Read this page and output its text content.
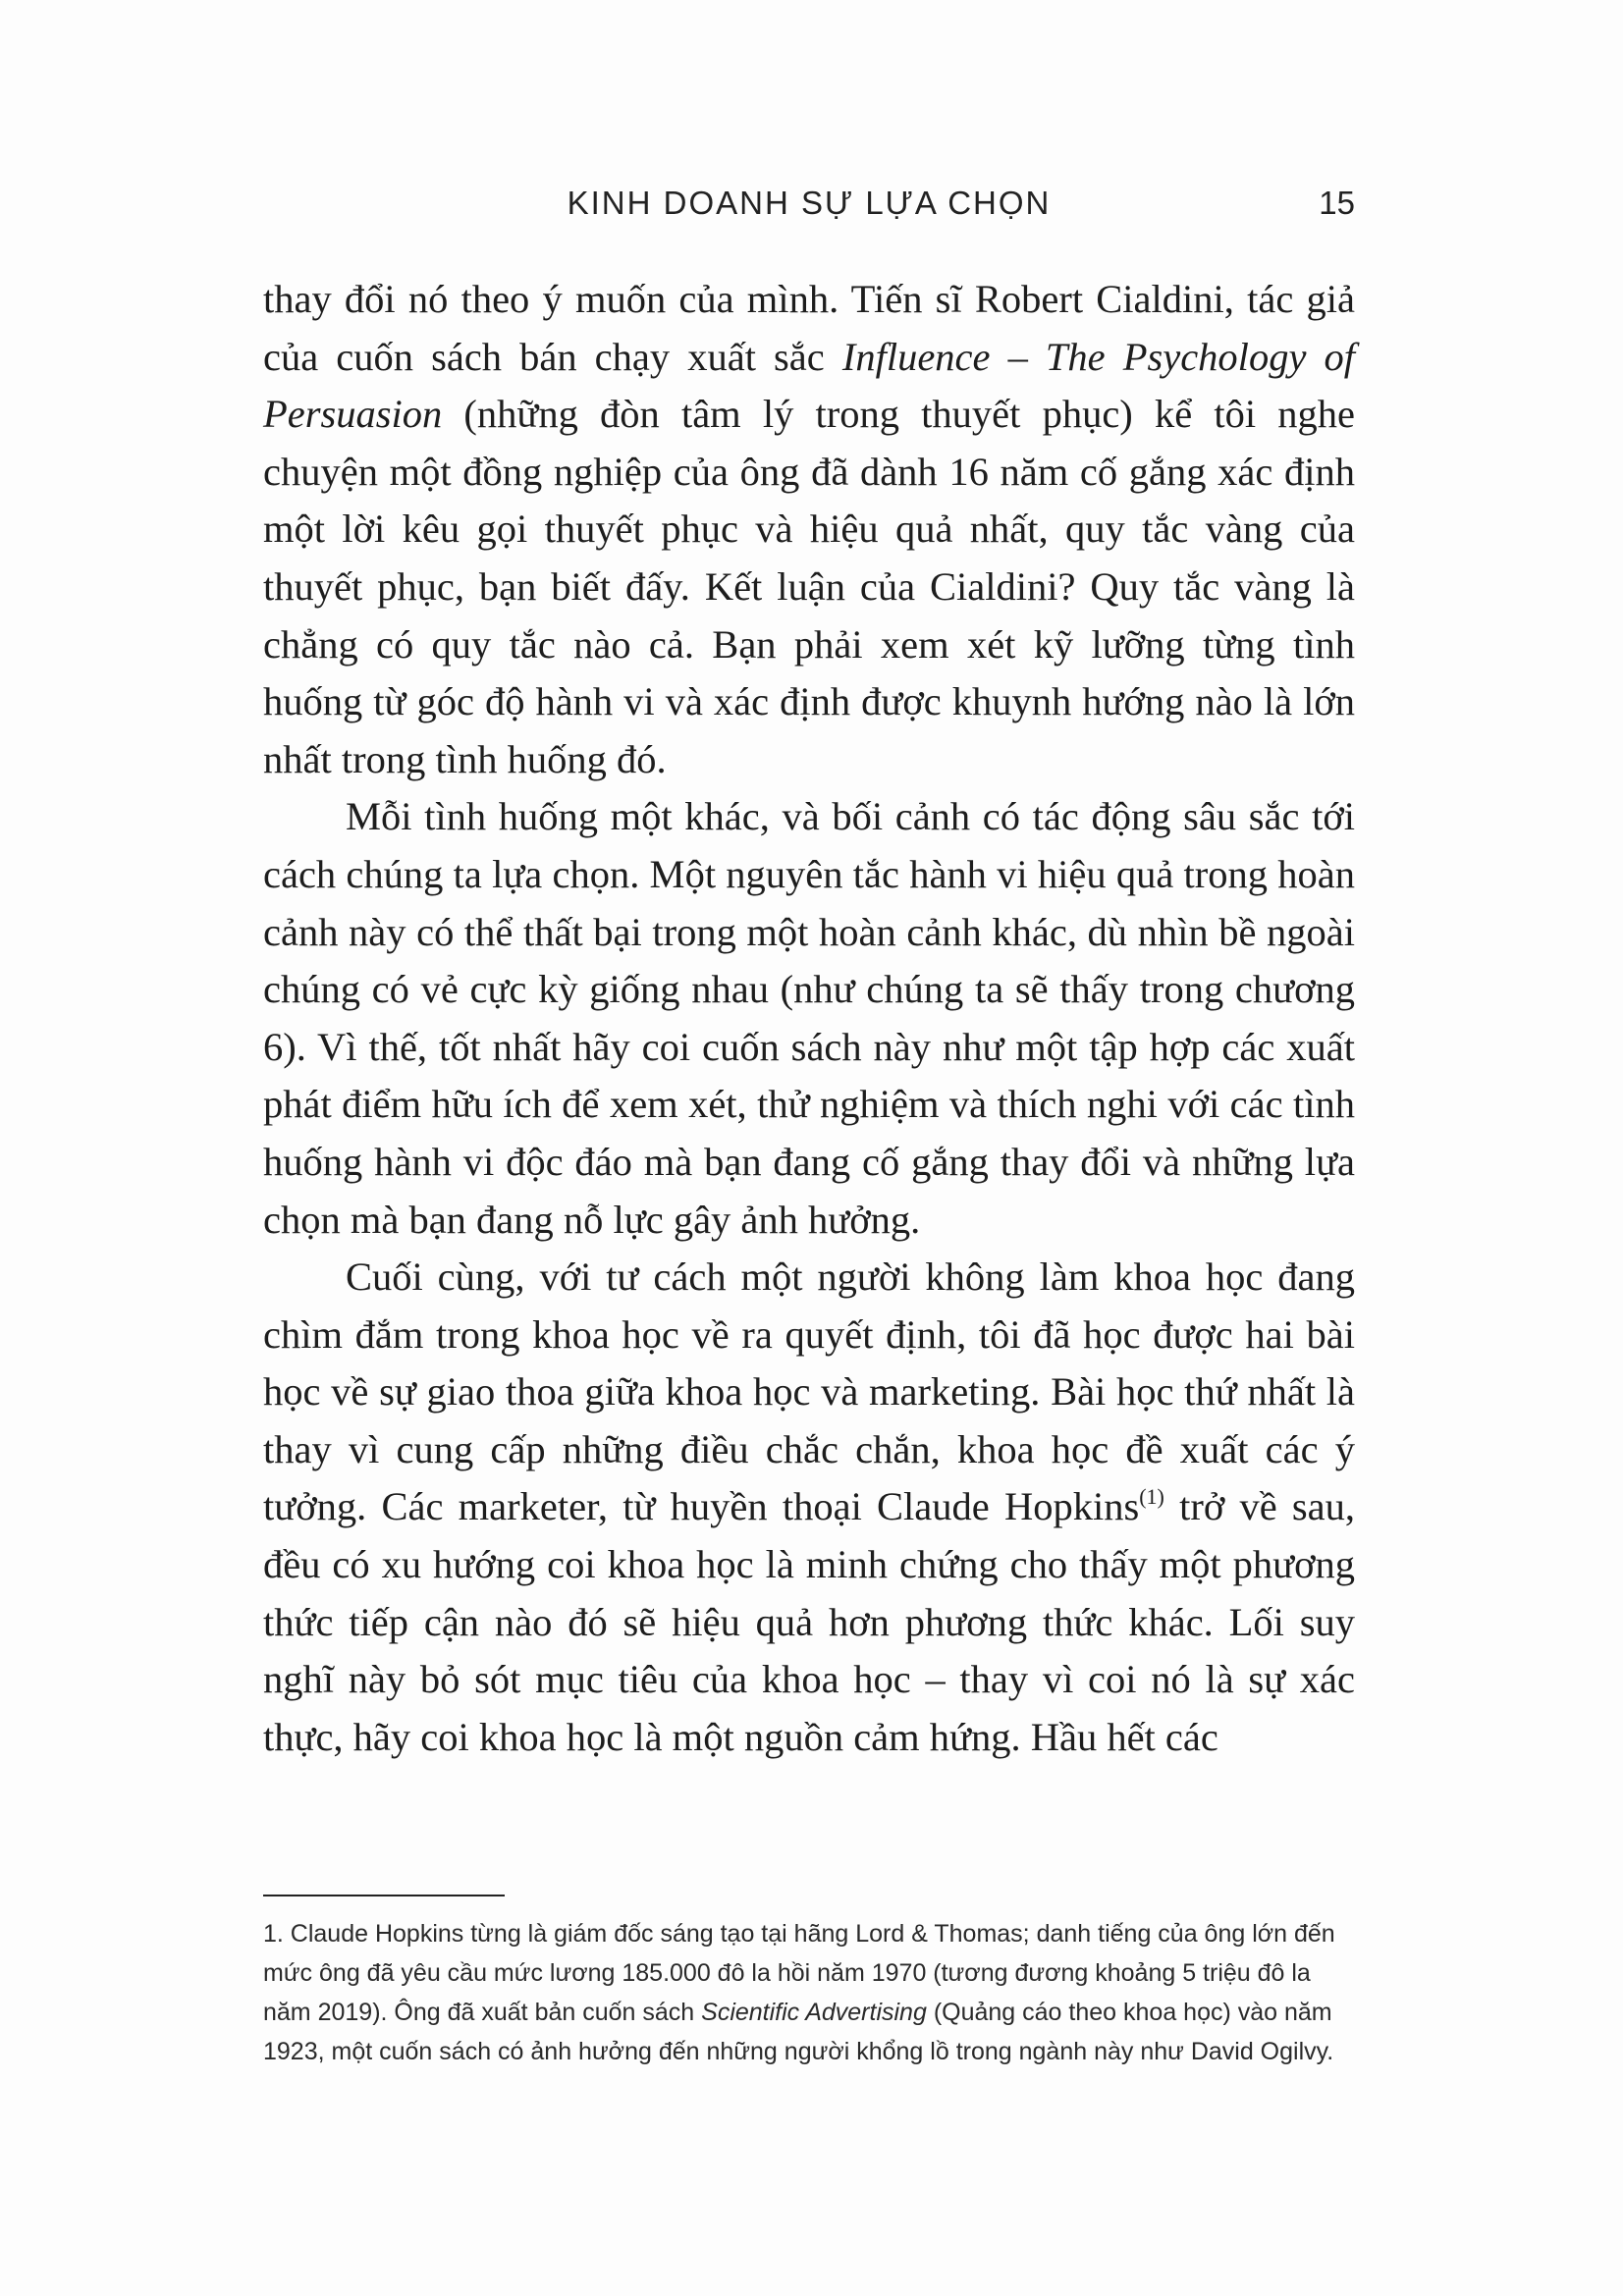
KINH DOANH SỰ LỰA CHỌN	15

thay đổi nó theo ý muốn của mình. Tiến sĩ Robert Cialdini, tác giả của cuốn sách bán chạy xuất sắc Influence – The Psychology of Persuasion (những đòn tâm lý trong thuyết phục) kể tôi nghe chuyện một đồng nghiệp của ông đã dành 16 năm cố gắng xác định một lời kêu gọi thuyết phục và hiệu quả nhất, quy tắc vàng của thuyết phục, bạn biết đấy. Kết luận của Cialdini? Quy tắc vàng là chẳng có quy tắc nào cả. Bạn phải xem xét kỹ lưỡng từng tình huống từ góc độ hành vi và xác định được khuynh hướng nào là lớn nhất trong tình huống đó.

Mỗi tình huống một khác, và bối cảnh có tác động sâu sắc tới cách chúng ta lựa chọn. Một nguyên tắc hành vi hiệu quả trong hoàn cảnh này có thể thất bại trong một hoàn cảnh khác, dù nhìn bề ngoài chúng có vẻ cực kỳ giống nhau (như chúng ta sẽ thấy trong chương 6). Vì thế, tốt nhất hãy coi cuốn sách này như một tập hợp các xuất phát điểm hữu ích để xem xét, thử nghiệm và thích nghi với các tình huống hành vi độc đáo mà bạn đang cố gắng thay đổi và những lựa chọn mà bạn đang nỗ lực gây ảnh hưởng.

Cuối cùng, với tư cách một người không làm khoa học đang chìm đắm trong khoa học về ra quyết định, tôi đã học được hai bài học về sự giao thoa giữa khoa học và marketing. Bài học thứ nhất là thay vì cung cấp những điều chắc chắn, khoa học đề xuất các ý tưởng. Các marketer, từ huyền thoại Claude Hopkins$^{(1)}$ trở về sau, đều có xu hướng coi khoa học là minh chứng cho thấy một phương thức tiếp cận nào đó sẽ hiệu quả hơn phương thức khác. Lối suy nghĩ này bỏ sót mục tiêu của khoa học – thay vì coi nó là sự xác thực, hãy coi khoa học là một nguồn cảm hứng. Hầu hết các

1. Claude Hopkins từng là giám đốc sáng tạo tại hãng Lord & Thomas; danh tiếng của ông lớn đến mức ông đã yêu cầu mức lương 185.000 đô la hồi năm 1970 (tương đương khoảng 5 triệu đô la năm 2019). Ông đã xuất bản cuốn sách Scientific Advertising (Quảng cáo theo khoa học) vào năm 1923, một cuốn sách có ảnh hưởng đến những người khổng lồ trong ngành này như David Ogilvy.
